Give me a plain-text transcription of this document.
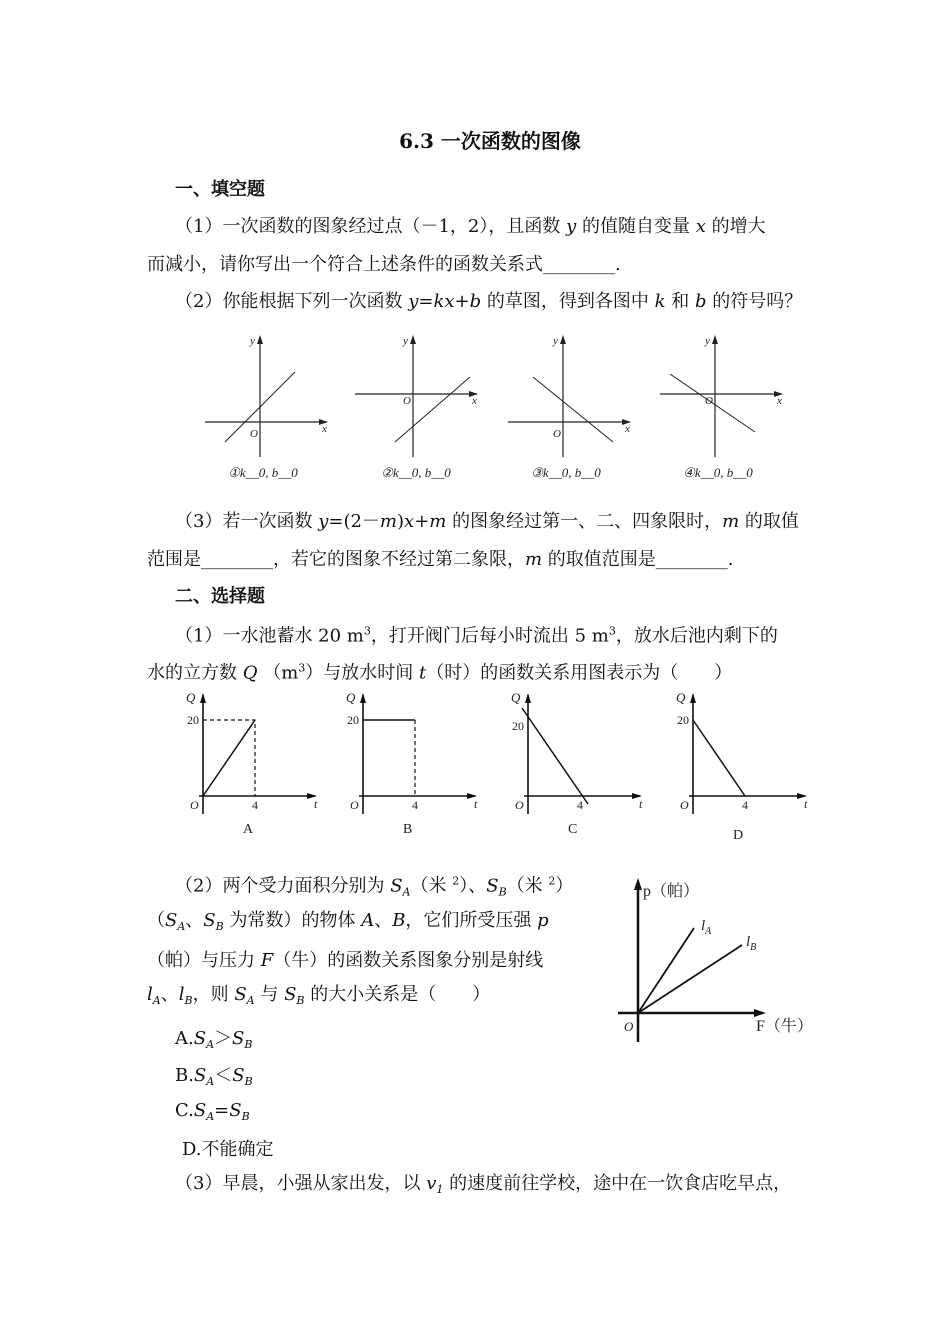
6.3 一次函数的图像
一、填空题
（1）一次函数的图象经过点（－1，2），且函数 y 的值随自变量 x 的增大
而减小，请你写出一个符合上述条件的函数关系式________.
（2）你能根据下列一次函数 y=kx+b 的草图，得到各图中 k 和 b 的符号吗？
（3）若一次函数 y=(2－m)x+m 的图象经过第一、二、四象限时，m 的取值
范围是________，若它的图象不经过第二象限，m 的取值范围是________.
二、选择题
（1）一水池蓄水 20 $m^3$，打开阀门后每小时流出 5 $m^3$，放水后池内剩下的
水的立方数 Q $(m^3)$与放水时间 t（时）的函数关系用图表示为（　　）
（2）两个受力面积分别为 $S_A$（米 $^2$）、$S_B$（米 $^2$）
（$S_A$、$S_B$ 为常数）的物体 A、B，它们所受压强 p
（帕）与压力 F（牛）的函数关系图象分别是射线
$l_A$、$l_B$，则 $S_A$ 与 $S_B$ 的大小关系是（　　）
$A.S_A>S_B$
$B.S_A<S_B$
$C.S_A=S_B$
D.不能确定
（3）早晨，小强从家出发，以 $v_1$ 的速度前往学校，途中在一饮食店吃早点，
y
x
O
①k__0, b__0
y
x
O
②k__0, b__0
y
x
O
③k__0, b__0
y
x
O
④k__0, b__0
Q
20
O	4	t
A
Q
20
O	4	t
B
Q
20
O	4	t
C
Q
20
O	4	t
D
p（帕）
F（牛）
O
$l_A$
$l_B$
